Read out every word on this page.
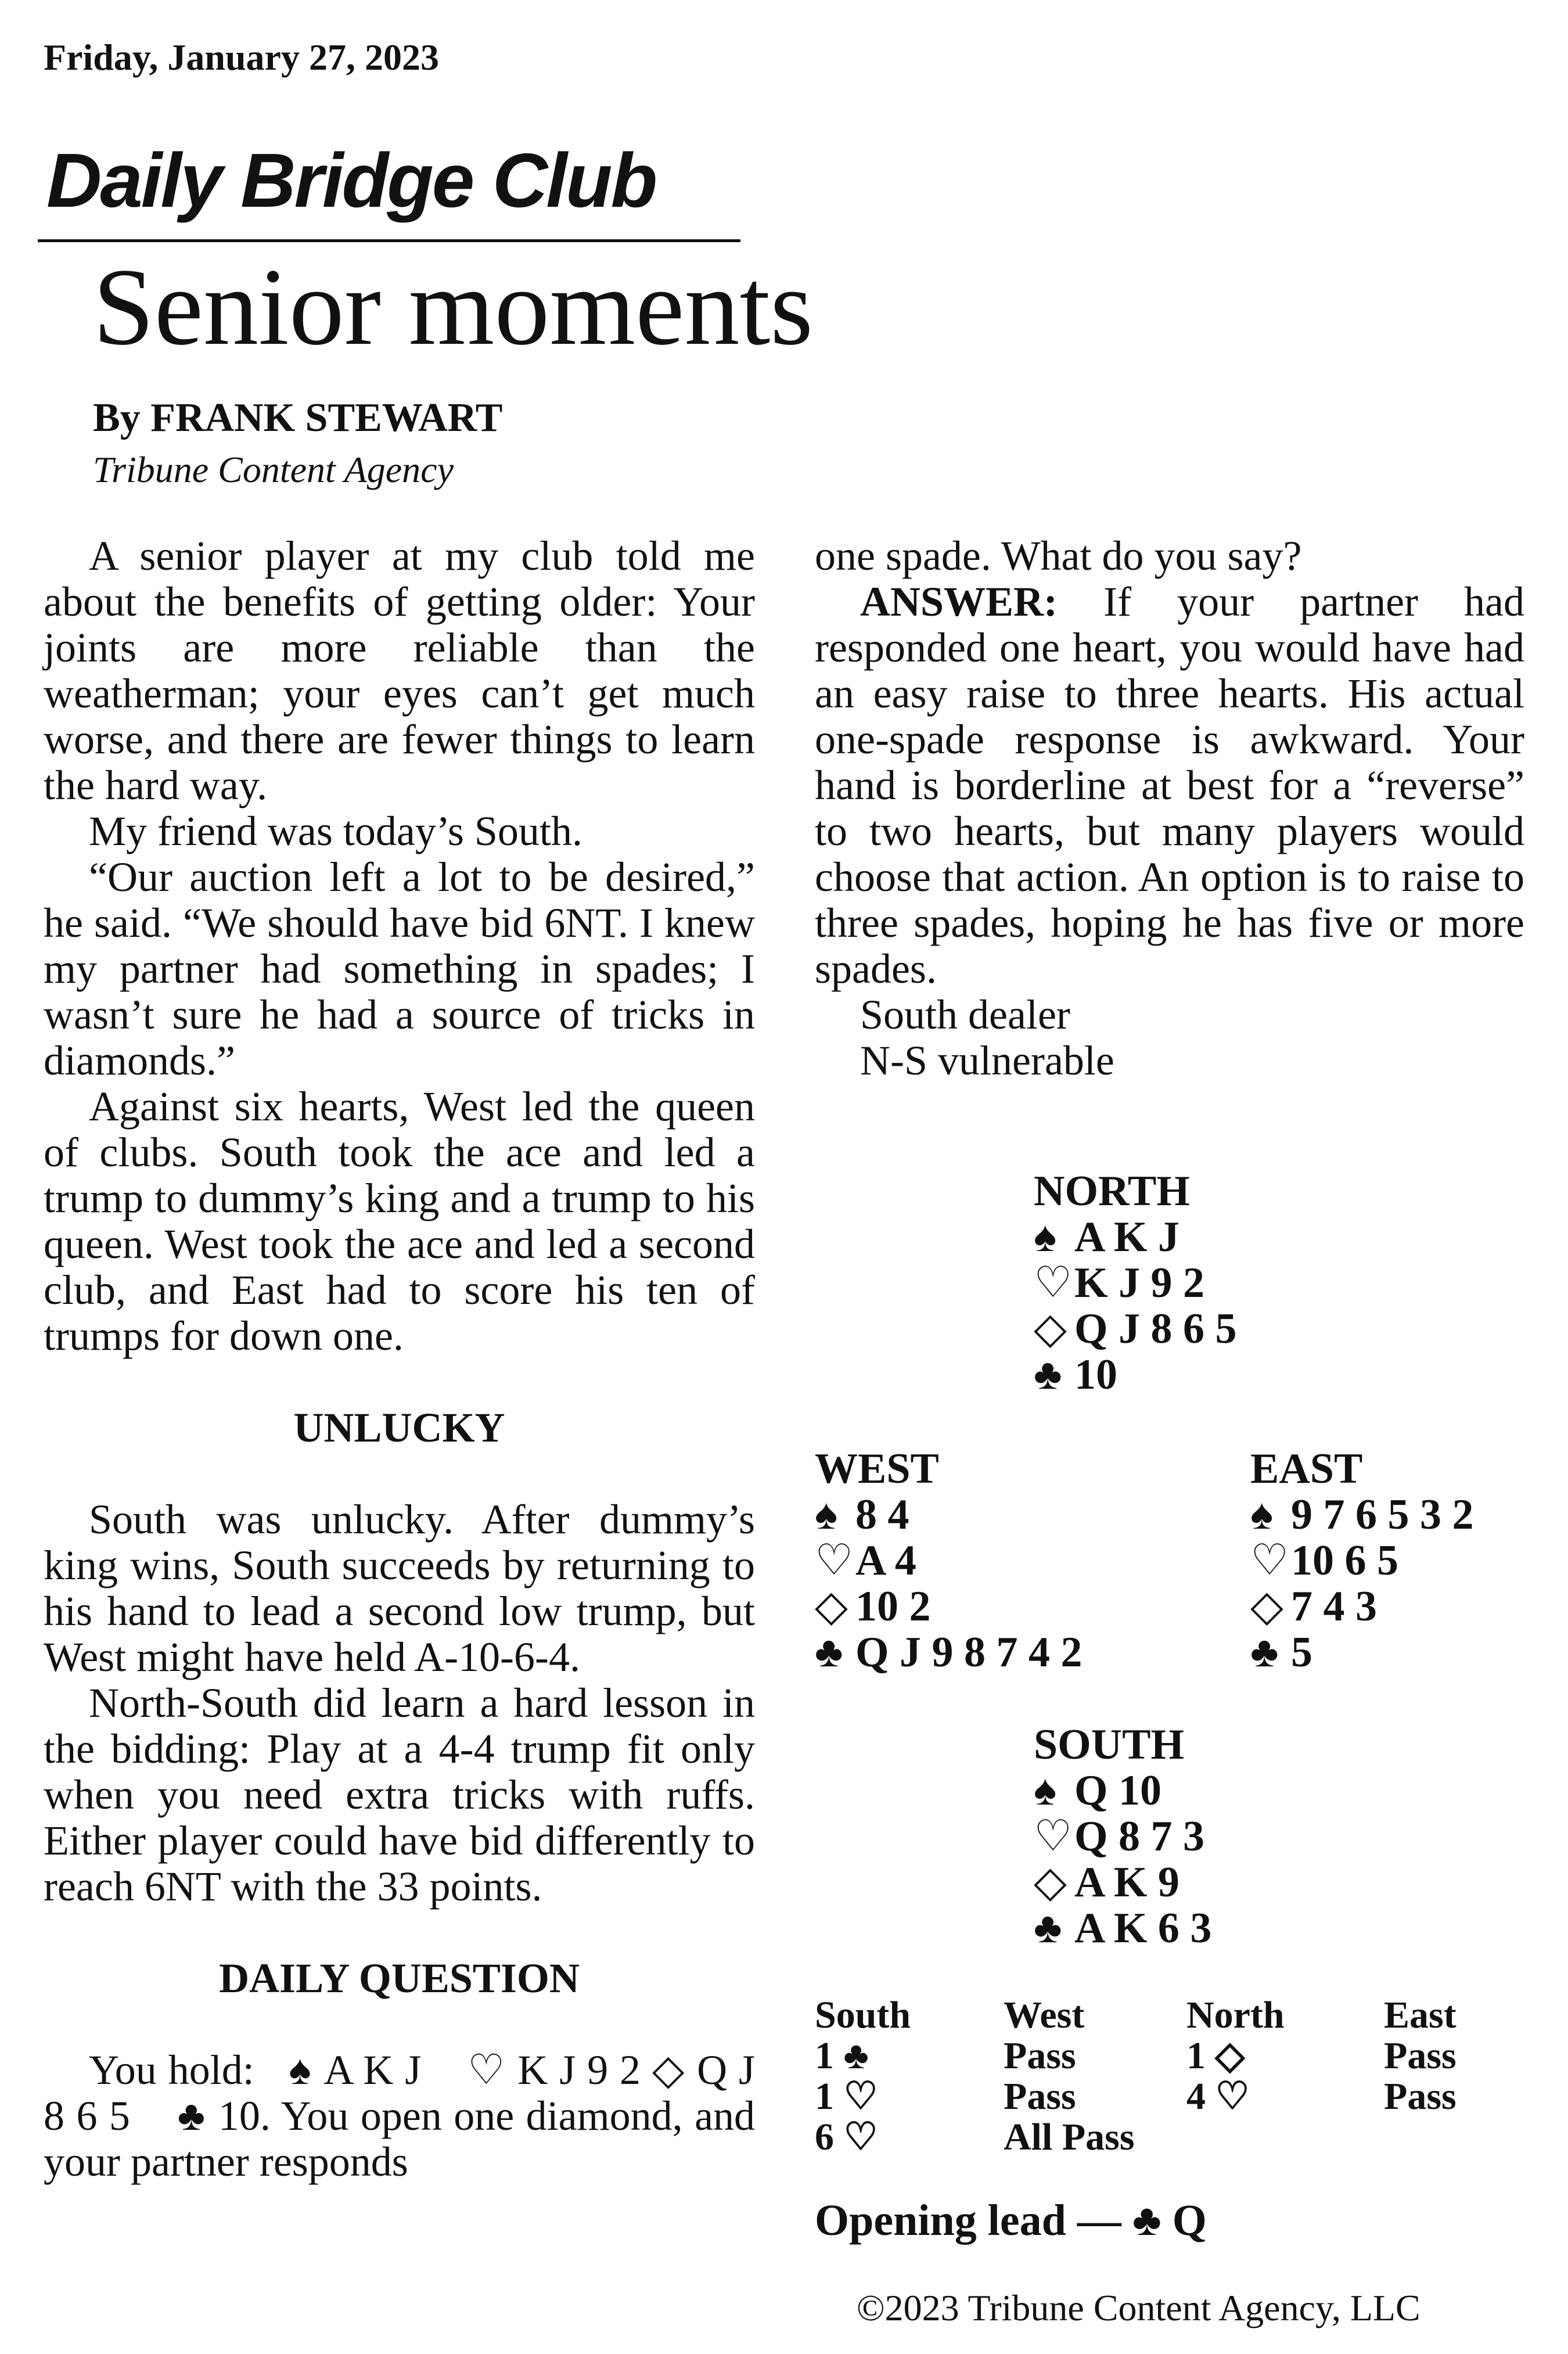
Friday, January 27, 2023
Daily Bridge Club
Senior moments
By FRANK STEWART
Tribune Content Agency

A senior player at my club told me about the benefits of getting older: Your joints are more reliable than the weatherman; your eyes can’t get much worse, and there are fewer things to learn the hard way.

My friend was today’s South.

“Our auction left a lot to be desired,” he said. “We should have bid 6NT. I knew my partner had something in spades; I wasn’t sure he had a source of tricks in diamonds.”

Against six hearts, West led the queen of clubs. South took the ace and led a trump to dummy’s king and a trump to his queen. West took the ace and led a second club, and East had to score his ten of trumps for down one.

UNLUCKY

South was unlucky. After dummy’s king wins, South succeeds by returning to his hand to lead a second low trump, but West might have held A-10-6-4.

North-South did learn a hard lesson in the bidding: Play at a 4-4 trump fit only when you need extra tricks with ruffs. Either player could have bid differently to reach 6NT with the 33 points.

DAILY QUESTION

You hold: ♠ A K J ♡ K J 9 2 ◇ Q J 8 6 5 ♣ 10. You open one diamond, and your partner responds

one spade. What do you say?

ANSWER: If your partner had responded one heart, you would have had an easy raise to three hearts. His actual one-spade response is awkward. Your hand is borderline at best for a “reverse” to two hearts, but many players would choose that action. An option is to raise to three spades, hoping he has five or more spades.

South dealer

N-S vulnerable

NORTH
♠ A K J
♡K J 9 2
◇ Q J 8 6 5
♣ 10
WEST
♠ 8 4
♡A 4
◇ 10 2
♣ Q J 9 8 7 4 2
EAST
♠ 9 7 6 5 3 2
♡10 6 5
◇ 7 4 3
♣ 5
SOUTH
♠ Q 10
♡Q 8 7 3
◇ A K 9
♣ A K 6 3
South West	North	East
1 ♣	Pass	1 ◇	Pass
1 ♡	Pass	4 ♡	Pass
6 ♡	All Pass
Opening lead — ♣ Q
©2023 Tribune Content Agency, LLC
